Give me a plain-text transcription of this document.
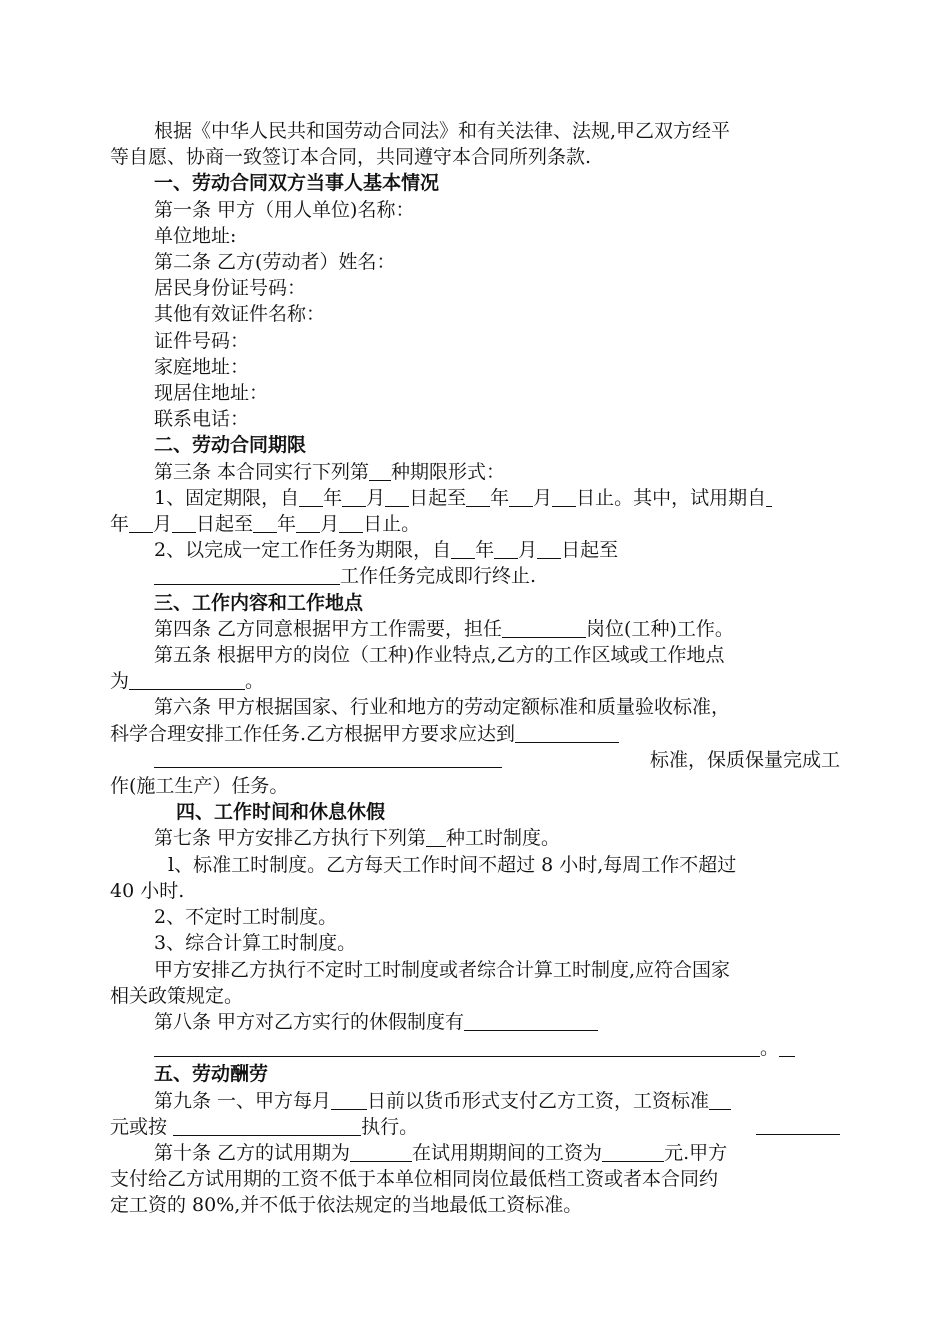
根据《中华人民共和国劳动合同法》和有关法律、法规,甲乙双方经平
等自愿、协商一致签订本合同，共同遵守本合同所列条款.
一、劳动合同双方当事人基本情况
第一条 甲方（用人单位)名称：
单位地址:
第二条 乙方(劳动者）姓名：
居民身份证号码：
其他有效证件名称：
证件号码：
家庭地址：
现居住地址：
联系电话：
二、劳动合同期限
第三条 本合同实行下列第 种期限形式：
1、固定期限，自 年 月 日起至 年 月 日止。其中，试用期自
年 月 日起至 年 月 日止。
2、以完成一定工作任务为期限，自 年 月 日起至
工作任务完成即行终止.
三、工作内容和工作地点
第四条 乙方同意根据甲方工作需要，担任	岗位(工种)工作。
第五条 根据甲方的岗位（工种)作业特点,乙方的工作区域或工作地点
为	。
第六条 甲方根据国家、行业和地方的劳动定额标准和质量验收标准，
科学合理安排工作任务.乙方根据甲方要求应达到
标准，保质保量完成工
作(施工生产）任务。
四、工作时间和休息休假
第七条 甲方安排乙方执行下列第 种工时制度。
l、标准工时制度。乙方每天工作时间不超过 8 小时,每周工作不超过
40 小时.
2、不定时工时制度。
3、综合计算工时制度。
甲方安排乙方执行不定时工时制度或者综合计算工时制度,应符合国家
相关政策规定。
第八条 甲方对乙方实行的休假制度有
。
五、劳动酬劳
第九条 一、甲方每月 日前以货币形式支付乙方工资，工资标准
元或按	执行。
第十条 乙方的试用期为	在试用期期间的工资为	元.甲方
支付给乙方试用期的工资不低于本单位相同岗位最低档工资或者本合同约
定工资的 80%,并不低于依法规定的当地最低工资标准。
